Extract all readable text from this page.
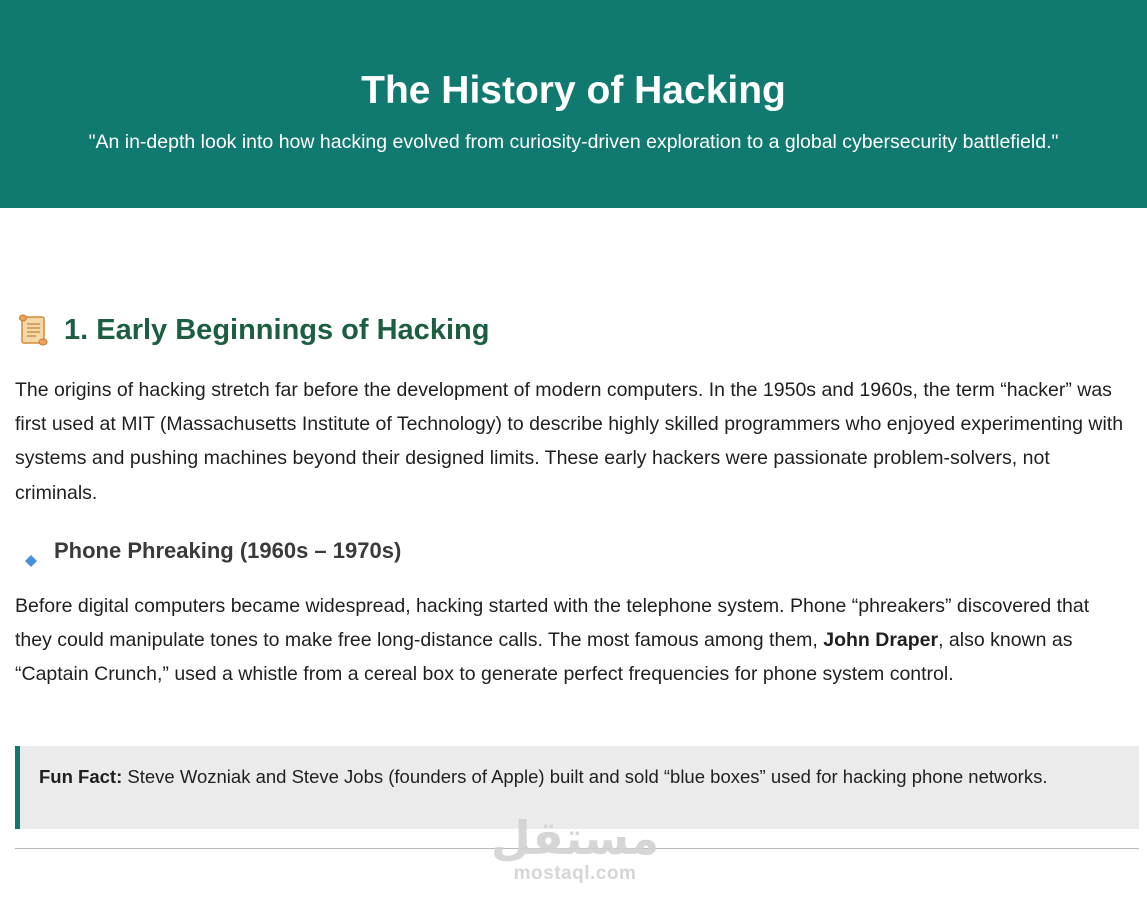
The History of Hacking

"An in-depth look into how hacking evolved from curiosity-driven exploration to a global cybersecurity battlefield."

1. Early Beginnings of Hacking

The origins of hacking stretch far before the development of modern computers. In the 1950s and 1960s, the term “hacker” was first used at MIT (Massachusetts Institute of Technology) to describe highly skilled programmers who enjoyed experimenting with systems and pushing machines beyond their designed limits. These early hackers were passionate problem-solvers, not criminals.

Phone Phreaking (1960s – 1970s)

Before digital computers became widespread, hacking started with the telephone system. Phone “phreakers” discovered that they could manipulate tones to make free long-distance calls. The most famous among them, John Draper, also known as “Captain Crunch,” used a whistle from a cereal box to generate perfect frequencies for phone system control.

Fun Fact: Steve Wozniak and Steve Jobs (founders of Apple) built and sold “blue boxes” used for hacking phone networks.
مستقل
mostaql.com
